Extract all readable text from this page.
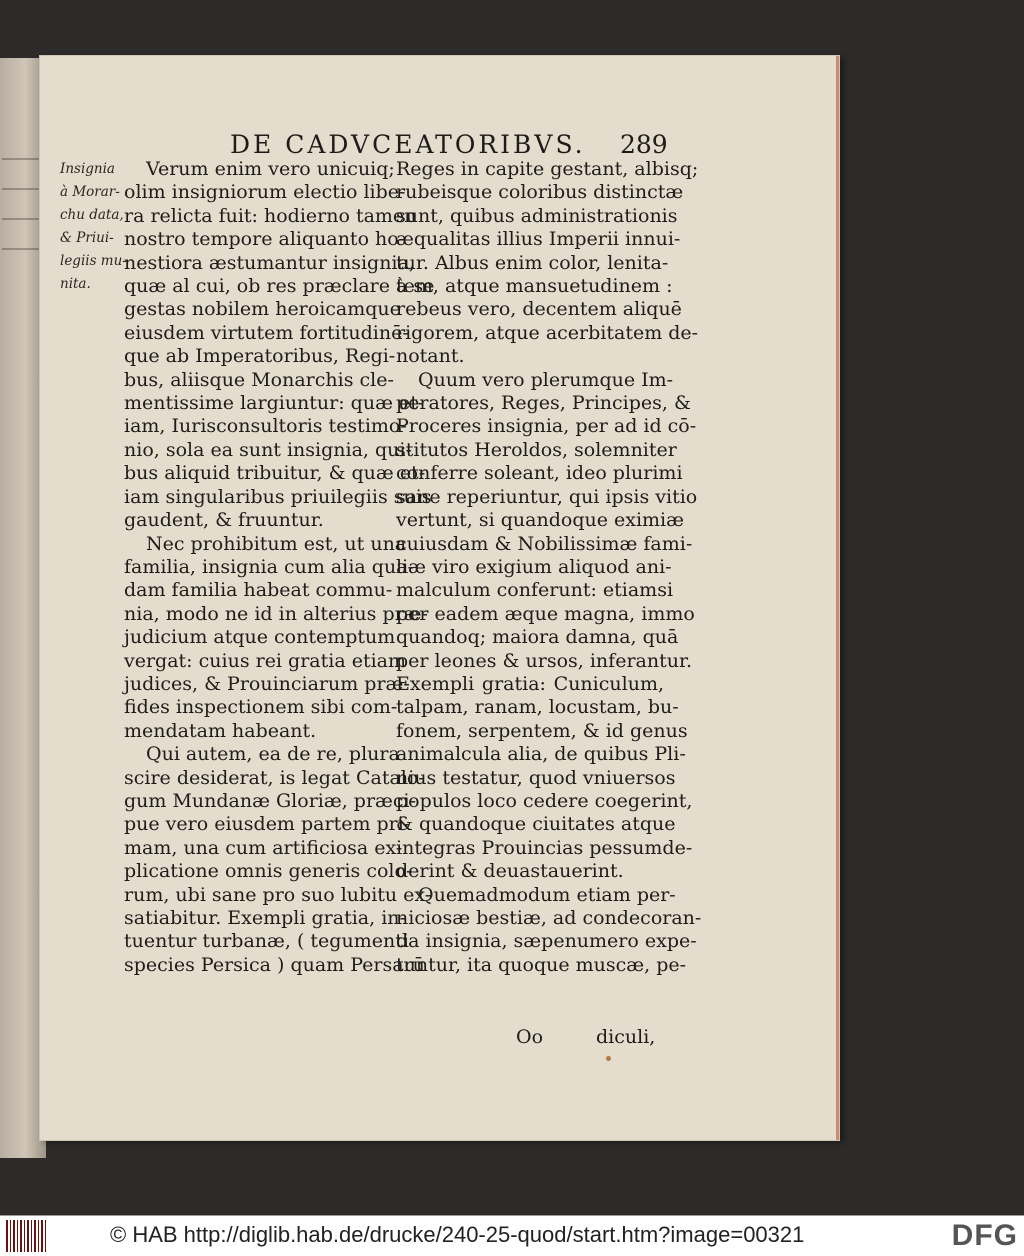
DE CADVCEATORIBVS.	289
Insignia
à Morar-
chu data,
& Priui-
legiis mu-
nita.
Verum enim vero unicuiq;
olim insigniorum electio libe-
ra relicta fuit: hodierno tamen
nostro tempore aliquanto ho-
nestiora æstumantur insignia,
quæ al cui, ob res præclare à se
gestas nobilem heroicamque
eiusdem virtutem fortitudinē-
que ab Imperatoribus, Regi-
bus, aliisque Monarchis cle-
mentissime largiuntur: quæ et-
iam, Iurisconsultoris testimo-
nio, sola ea sunt insignia, qui-
bus aliquid tribuitur, & quæ et-
iam singularibus priuilegiis suis
gaudent, & fruuntur.
Nec prohibitum est, ut una
familia, insignia cum alia qua-
dam familia habeat commu-
nia, modo ne id in alterius præ-
judicium atque contemptum
vergat: cuius rei gratia etiam
judices, & Prouinciarum præ-
fides inspectionem sibi com-
mendatam habeant.
Qui autem, ea de re, plura
scire desiderat, is legat Catalo-
gum Mundanæ Gloriæ, præci-
pue vero eiusdem partem pri-
mam, una cum artificiosa ex-
plicatione omnis generis colo-
rum, ubi sane pro suo lubitu ex-
satiabitur. Exempli gratia, in-
tuentur turbanæ, ( tegumenti
species Persica ) quam Persarū
Reges in capite gestant, albisq;
rubeisque coloribus distinctæ
sunt, quibus administrationis
æqualitas illius Imperii innui-
tur. Albus enim color, lenita-
tem, atque mansuetudinem :
rebeus vero, decentem aliquē
rigorem, atque acerbitatem de-
notant.
Quum vero plerumque Im-
peratores, Reges, Principes, &
Proceres insignia, per ad id cō-
stitutos Heroldos, solemniter
conferre soleant, ideo plurimi
sane reperiuntur, qui ipsis vitio
vertunt, si quandoque eximiæ
cuiusdam & Nobilissimæ fami-
liæ viro exigium aliquod ani-
malculum conferunt: etiamsi
per eadem æque magna, immo
quandoq; maiora damna, quā
per leones & ursos, inferantur.
Exempli gratia: Cuniculum,
talpam, ranam, locustam, bu-
fonem, serpentem, & id genus
animalcula alia, de quibus Pli-
nius testatur, quod vniuersos
populos loco cedere coegerint,
& quandoque ciuitates atque
integras Prouincias pessumde-
derint & deuastauerint.
Quemadmodum etiam per-
niciosæ bestiæ, ad condecoran-
da insignia, sæpenumero expe-
tuntur, ita quoque muscæ, pe-
Oo	diculi,
© HAB http://diglib.hab.de/drucke/240-25-quod/start.htm?image=00321	DFG
